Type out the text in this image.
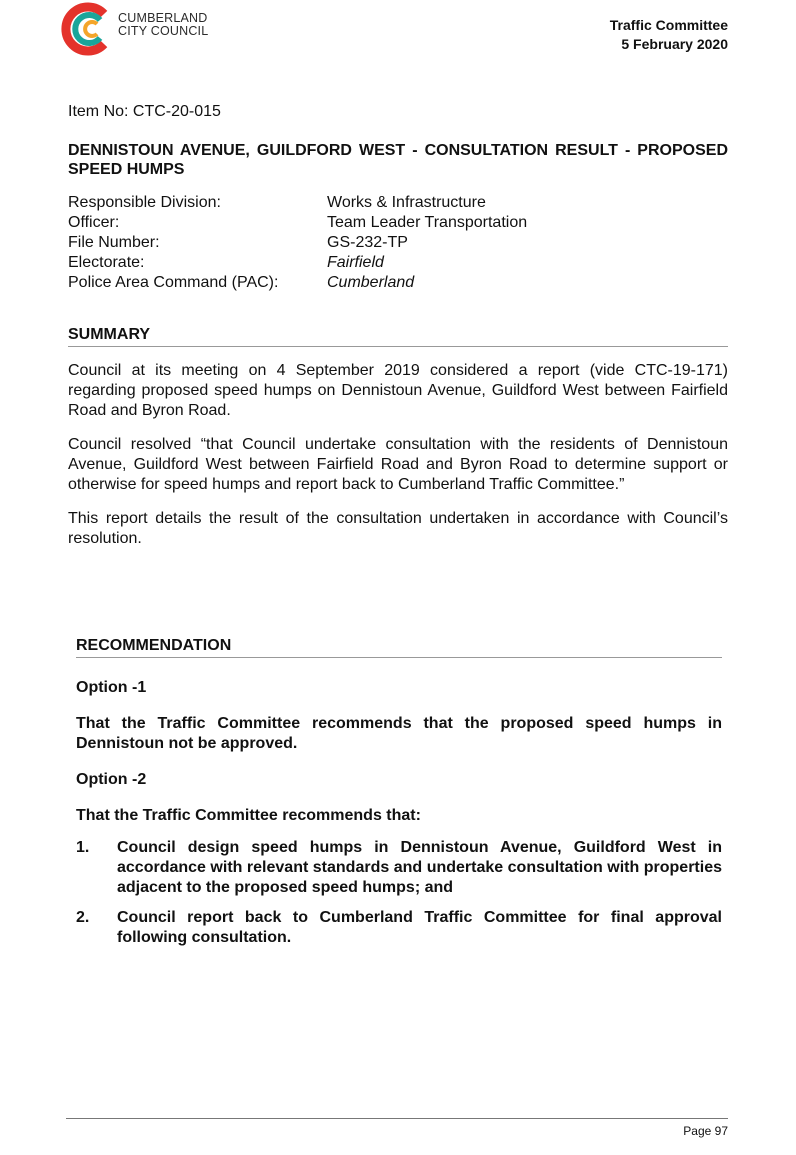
CUMBERLAND
CITY COUNCIL	Traffic Committee
5 February 2020

Item No: CTC-20-015

DENNISTOUN AVENUE, GUILDFORD WEST - CONSULTATION RESULT - PROPOSED SPEED HUMPS
Responsible Division:	Works & Infrastructure
Officer:	Team Leader Transportation
File Number:	GS-232-TP
Electorate:	Fairfield
Police Area Command (PAC):	Cumberland
SUMMARY

Council at its meeting on 4 September 2019 considered a report (vide CTC-19-171) regarding proposed speed humps on Dennistoun Avenue, Guildford West between Fairfield Road and Byron Road.

Council resolved “that Council undertake consultation with the residents of Dennistoun Avenue, Guildford West between Fairfield Road and Byron Road to determine support or otherwise for speed humps and report back to Cumberland Traffic Committee.”

This report details the result of the consultation undertaken in accordance with Council’s resolution.

RECOMMENDATION
Option -1
That the Traffic Committee recommends that the proposed speed humps in Dennistoun not be approved.
Option -2
That the Traffic Committee recommends that:
1.	Council design speed humps in Dennistoun Avenue, Guildford West in accordance with relevant standards and undertake consultation with properties adjacent to the proposed speed humps; and
2.	Council report back to Cumberland Traffic Committee for final approval following consultation.
Page 97
